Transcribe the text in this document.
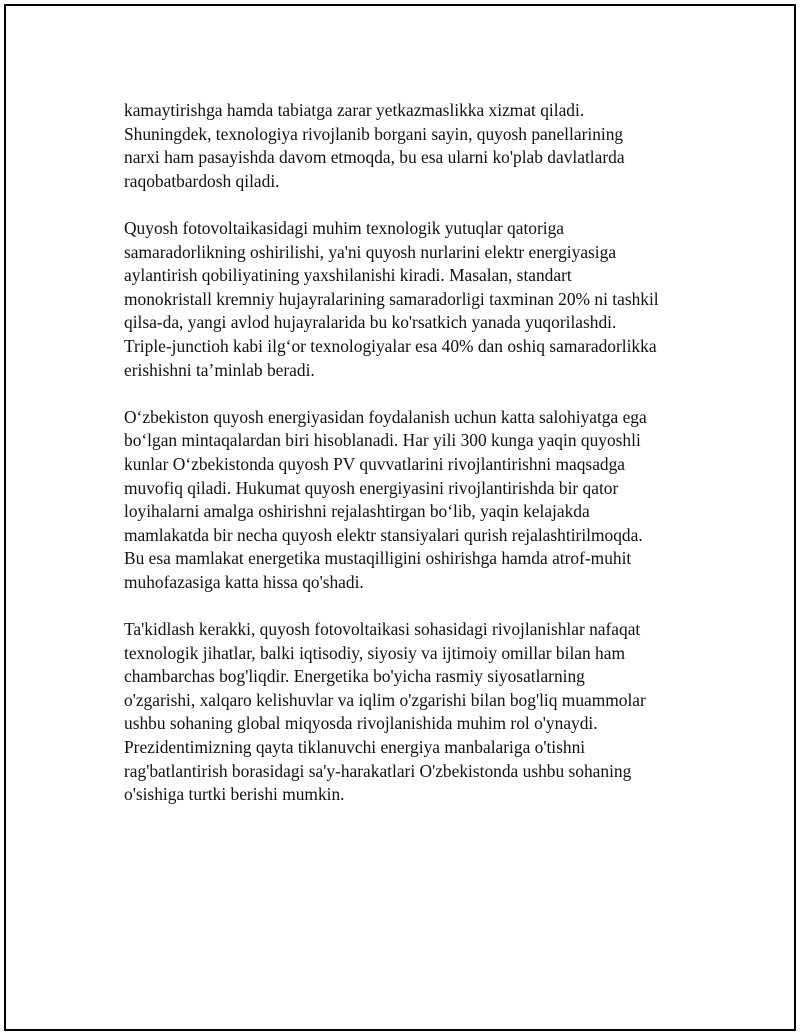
kamaytirishga hamda tabiatga zarar yetkazmaslikka xizmat qiladi.
Shuningdek, texnologiya rivojlanib borgani sayin, quyosh panellarining
narxi ham pasayishda davom etmoqda, bu esa ularni ko'plab davlatlarda
raqobatbardosh qiladi.

Quyosh fotovoltaikasidagi muhim texnologik yutuqlar qatoriga
samaradorlikning oshirilishi, ya'ni quyosh nurlarini elektr energiyasiga
aylantirish qobiliyatining yaxshilanishi kiradi. Masalan, standart
monokristall kremniy hujayralarining samaradorligi taxminan 20% ni tashkil
qilsa-da, yangi avlod hujayralarida bu ko'rsatkich yanada yuqorilashdi.
Triple-junctioh kabi ilg‘or texnologiyalar esa 40% dan oshiq samaradorlikka
erishishni ta’minlab beradi.

O‘zbekiston quyosh energiyasidan foydalanish uchun katta salohiyatga ega
bo‘lgan mintaqalardan biri hisoblanadi. Har yili 300 kunga yaqin quyoshli
kunlar O‘zbekistonda quyosh PV quvvatlarini rivojlantirishni maqsadga
muvofiq qiladi. Hukumat quyosh energiyasini rivojlantirishda bir qator
loyihalarni amalga oshirishni rejalashtirgan bo‘lib, yaqin kelajakda
mamlakatda bir necha quyosh elektr stansiyalari qurish rejalashtirilmoqda.
Bu esa mamlakat energetika mustaqilligini oshirishga hamda atrof-muhit
muhofazasiga katta hissa qo'shadi.

Ta'kidlash kerakki, quyosh fotovoltaikasi sohasidagi rivojlanishlar nafaqat
texnologik jihatlar, balki iqtisodiy, siyosiy va ijtimoiy omillar bilan ham
chambarchas bog'liqdir. Energetika bo'yicha rasmiy siyosatlarning
o'zgarishi, xalqaro kelishuvlar va iqlim o'zgarishi bilan bog'liq muammolar
ushbu sohaning global miqyosda rivojlanishida muhim rol o'ynaydi.
Prezidentimizning qayta tiklanuvchi energiya manbalariga o'tishni
rag'batlantirish borasidagi sa'y-harakatlari O'zbekistonda ushbu sohaning
o'sishiga turtki berishi mumkin.
